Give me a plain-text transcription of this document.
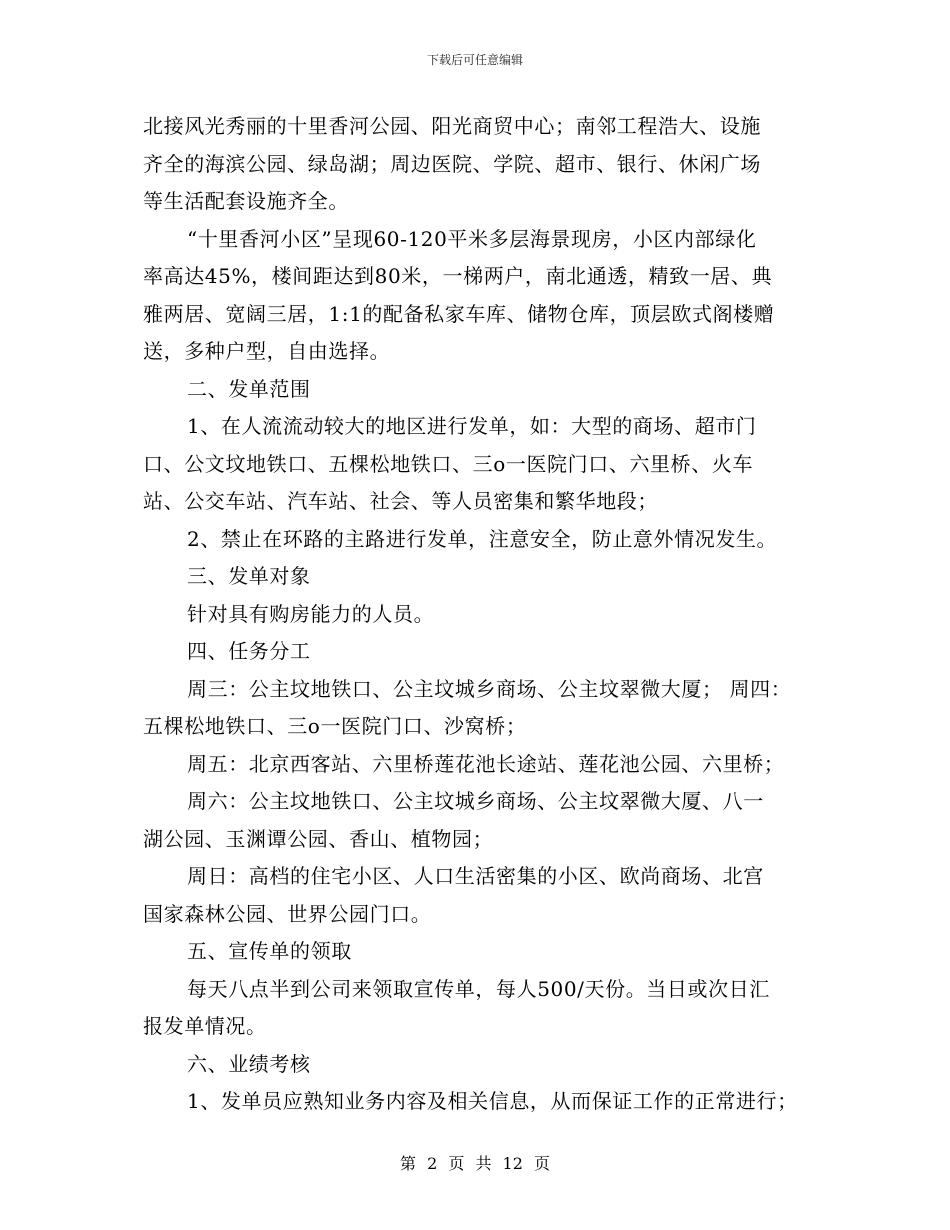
下载后可任意编辑
北接风光秀丽的十里香河公园、阳光商贸中心；南邻工程浩大、设施
齐全的海滨公园、绿岛湖；周边医院、学院、超市、银行、休闲广场
等生活配套设施齐全。
“十里香河小区”呈现60-120平米多层海景现房，小区内部绿化
率高达45%，楼间距达到80米，一梯两户，南北通透，精致一居、典
雅两居、宽阔三居，1:1的配备私家车库、储物仓库，顶层欧式阁楼赠
送，多种户型，自由选择。
二、发单范围
1、在人流流动较大的地区进行发单，如：大型的商场、超市门
口、公文坟地铁口、五棵松地铁口、三o一医院门口、六里桥、火车
站、公交车站、汽车站、社会、等人员密集和繁华地段；
2、禁止在环路的主路进行发单，注意安全，防止意外情况发生。
三、发单对象
针对具有购房能力的人员。
四、任务分工
周三：公主坟地铁口、公主坟城乡商场、公主坟翠微大厦； 周四：
五棵松地铁口、三o一医院门口、沙窝桥；
周五：北京西客站、六里桥莲花池长途站、莲花池公园、六里桥；
周六：公主坟地铁口、公主坟城乡商场、公主坟翠微大厦、八一
湖公园、玉渊谭公园、香山、植物园；
周日：高档的住宅小区、人口生活密集的小区、欧尚商场、北宫
国家森林公园、世界公园门口。
五、宣传单的领取
每天八点半到公司来领取宣传单，每人500/天份。当日或次日汇
报发单情况。
六、业绩考核
1、发单员应熟知业务内容及相关信息，从而保证工作的正常进行；
第 2 页 共 12 页
